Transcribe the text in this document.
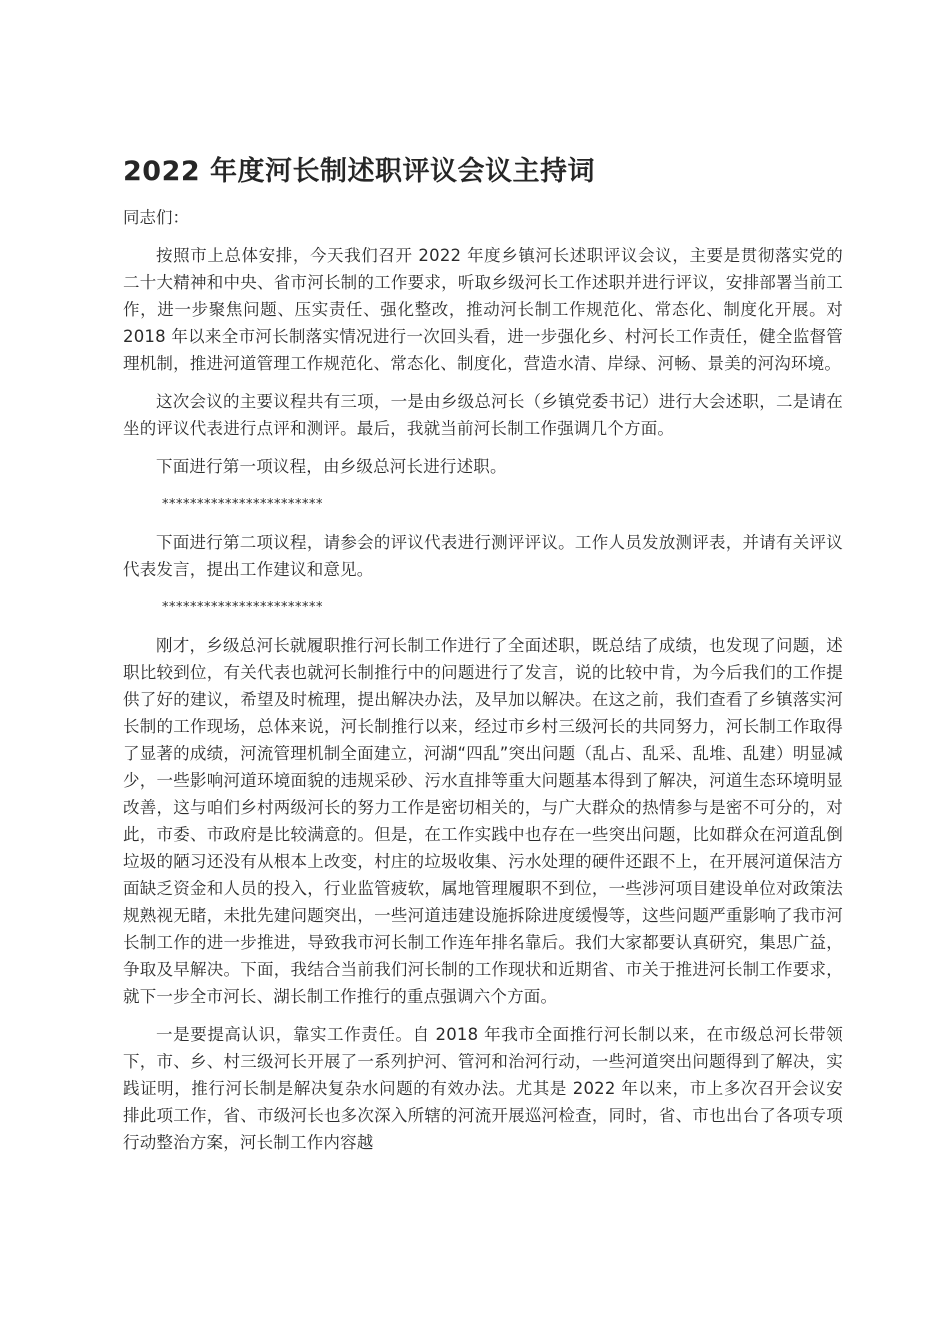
2022 年度河长制述职评议会议主持词

同志们：

按照市上总体安排，今天我们召开 2022 年度乡镇河长述职评议会议，主要是贯彻落实党的二十大精神和中央、省市河长制的工作要求，听取乡级河长工作述职并进行评议，安排部署当前工作，进一步聚焦问题、压实责任、强化整改，推动河长制工作规范化、常态化、制度化开展。对 2018 年以来全市河长制落实情况进行一次回头看，进一步强化乡、村河长工作责任，健全监督管理机制，推进河道管理工作规范化、常态化、制度化，营造水清、岸绿、河畅、景美的河沟环境。

这次会议的主要议程共有三项，一是由乡级总河长（乡镇党委书记）进行大会述职，二是请在坐的评议代表进行点评和测评。最后，我就当前河长制工作强调几个方面。

下面进行第一项议程，由乡级总河长进行述职。

***********************

下面进行第二项议程，请参会的评议代表进行测评评议。工作人员发放测评表，并请有关评议代表发言，提出工作建议和意见。

***********************

刚才，乡级总河长就履职推行河长制工作进行了全面述职，既总结了成绩，也发现了问题，述职比较到位，有关代表也就河长制推行中的问题进行了发言，说的比较中肯，为今后我们的工作提供了好的建议，希望及时梳理，提出解决办法，及早加以解决。在这之前，我们查看了乡镇落实河长制的工作现场，总体来说，河长制推行以来，经过市乡村三级河长的共同努力，河长制工作取得了显著的成绩，河流管理机制全面建立，河湖“四乱”突出问题（乱占、乱采、乱堆、乱建）明显减少，一些影响河道环境面貌的违规采砂、污水直排等重大问题基本得到了解决，河道生态环境明显改善，这与咱们乡村两级河长的努力工作是密切相关的，与广大群众的热情参与是密不可分的，对此，市委、市政府是比较满意的。但是，在工作实践中也存在一些突出问题，比如群众在河道乱倒垃圾的陋习还没有从根本上改变，村庄的垃圾收集、污水处理的硬件还跟不上，在开展河道保洁方面缺乏资金和人员的投入，行业监管疲软，属地管理履职不到位，一些涉河项目建设单位对政策法规熟视无睹，未批先建问题突出，一些河道违建设施拆除进度缓慢等，这些问题严重影响了我市河长制工作的进一步推进，导致我市河长制工作连年排名靠后。我们大家都要认真研究，集思广益，争取及早解决。下面，我结合当前我们河长制的工作现状和近期省、市关于推进河长制工作要求，就下一步全市河长、湖长制工作推行的重点强调六个方面。

一是要提高认识，靠实工作责任。自 2018 年我市全面推行河长制以来，在市级总河长带领下，市、乡、村三级河长开展了一系列护河、管河和治河行动，一些河道突出问题得到了解决，实践证明，推行河长制是解决复杂水问题的有效办法。尤其是 2022 年以来，市上多次召开会议安排此项工作，省、市级河长也多次深入所辖的河流开展巡河检查，同时，省、市也出台了各项专项行动整治方案，河长制工作内容越
